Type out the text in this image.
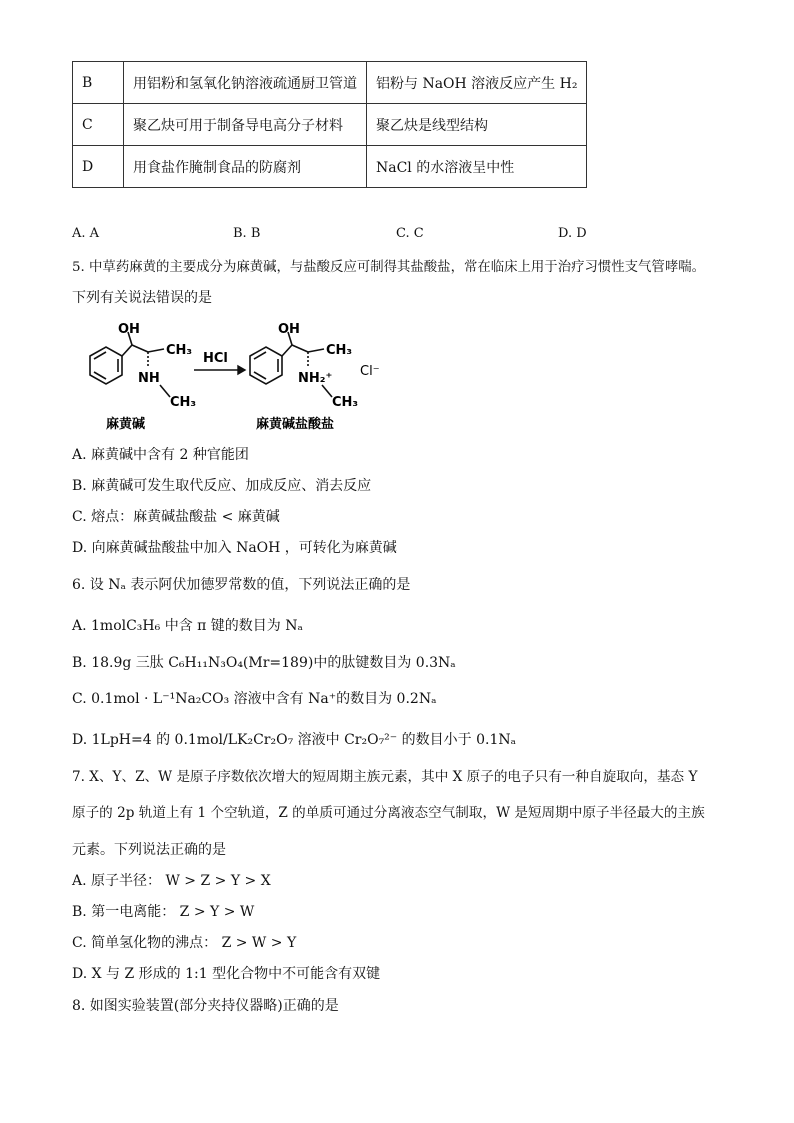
B	用铝粉和氢氧化钠溶液疏通厨卫管道	铝粉与 NaOH 溶液反应产生 H₂
C	聚乙炔可用于制备导电高分子材料	聚乙炔是线型结构
D	用食盐作腌制食品的防腐剂	NaCl 的水溶液呈中性
A. A	B. B	C. C	D. D
5. 中草药麻黄的主要成分为麻黄碱，与盐酸反应可制得其盐酸盐，常在临床上用于治疗习惯性支气管哮喘。
下列有关说法错误的是
OH
CH₃
NH
CH₃
麻黄碱
HCl
OH
CH₃
NH₂⁺
CH₃
Cl⁻
麻黄碱盐酸盐
A. 麻黄碱中含有 2 种官能团
B. 麻黄碱可发生取代反应、加成反应、消去反应
C. 熔点：麻黄碱盐酸盐 < 麻黄碱
D. 向麻黄碱盐酸盐中加入 NaOH ，可转化为麻黄碱
6. 设 Nₐ 表示阿伏加德罗常数的值，下列说法正确的是
A. 1molC₃H₆ 中含 π 键的数目为 Nₐ
B. 18.9g 三肽 C₆H₁₁N₃O₄(Mr=189)中的肽键数目为 0.3Nₐ
C. 0.1mol · L⁻¹Na₂CO₃ 溶液中含有 Na⁺的数目为 0.2Nₐ
D. 1LpH=4 的 0.1mol/LK₂Cr₂O₇ 溶液中 Cr₂O₇²⁻ 的数目小于 0.1Nₐ
7. X、Y、Z、W 是原子序数依次增大的短周期主族元素，其中 X 原子的电子只有一种自旋取向，基态 Y
原子的 2p 轨道上有 1 个空轨道，Z 的单质可通过分离液态空气制取，W 是短周期中原子半径最大的主族
元素。下列说法正确的是
A. 原子半径： W > Z > Y > X
B. 第一电离能： Z > Y > W
C. 简单氢化物的沸点： Z > W > Y
D. X 与 Z 形成的 1:1 型化合物中不可能含有双键
8. 如图实验装置(部分夹持仪器略)正确的是
